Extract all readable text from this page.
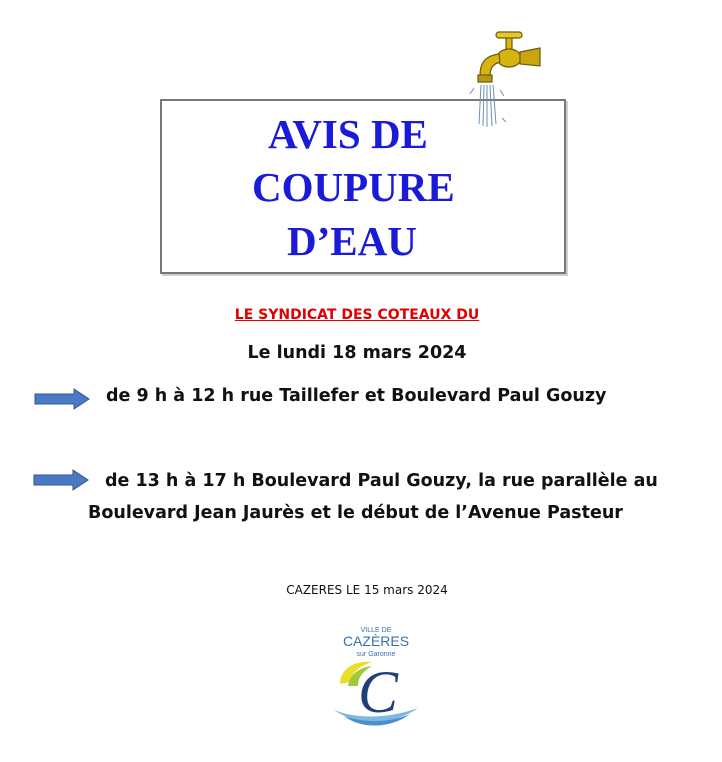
AVIS DE
COUPURE
D’EAU
LE SYNDICAT DES COTEAUX DU
Le lundi 18 mars 2024
de 9 h à 12 h rue Taillefer et Boulevard Paul Gouzy
de 13 h à 17 h Boulevard Paul Gouzy, la rue parallèle au
Boulevard Jean Jaurès et le début de l’Avenue Pasteur
CAZERES LE 15 mars 2024
VILLE DE
CAZÈRES
sur Garonne
C
